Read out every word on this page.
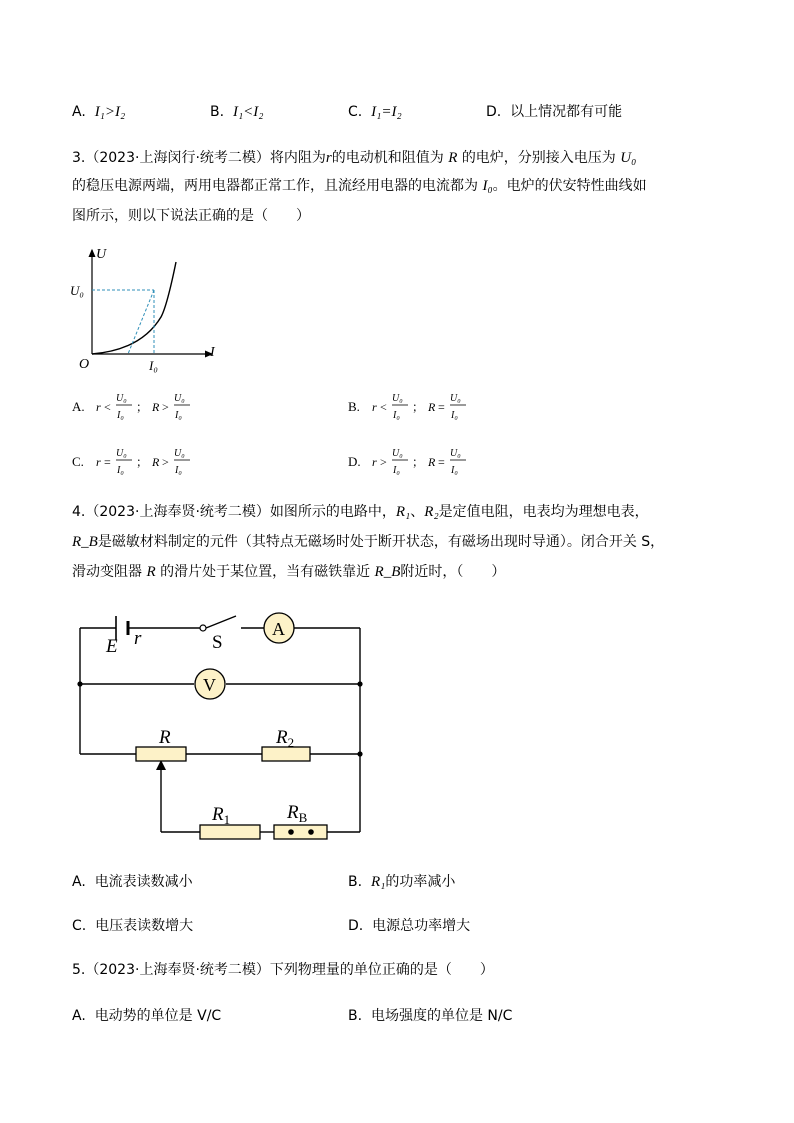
A. I₁>I₂	B. I₁<I₂	C. I₁=I₂	D. 以上情况都有可能
3.（2023·上海闵行·统考二模）将内阻为r的电动机和阻值为 R 的电炉，分别接入电压为 U₀
的稳压电源两端，两用电器都正常工作，且流经用电器的电流都为 I₀。电炉的伏安特性曲线如
图所示，则以下说法正确的是（　　）
U
I
O
U₀
I₀
A. r <
U₀
I₀
； R >
U₀
I₀
B. r <
U₀
I₀
； R =
U₀
I₀
C. r =
U₀
I₀
； R >
U₀
I₀
D. r >
U₀
I₀
； R =
U₀
I₀
4.（2023·上海奉贤·统考二模）如图所示的电路中，R₁、R₂是定值电阻，电表均为理想电表，
R_B是磁敏材料制定的元件（其特点无磁场时处于断开状态，有磁场出现时导通）。闭合开关 S，
滑动变阻器 R 的滑片处于某位置，当有磁铁靠近 R_B附近时，（　　）
A
V
E r	S
R	$R_2$
$R_1$	$R_B$
A. 电流表读数减小	B. R₁的功率减小
C. 电压表读数增大	D. 电源总功率增大
5.（2023·上海奉贤·统考二模）下列物理量的单位正确的是（　　）
A. 电动势的单位是 V/C	B. 电场强度的单位是 N/C
